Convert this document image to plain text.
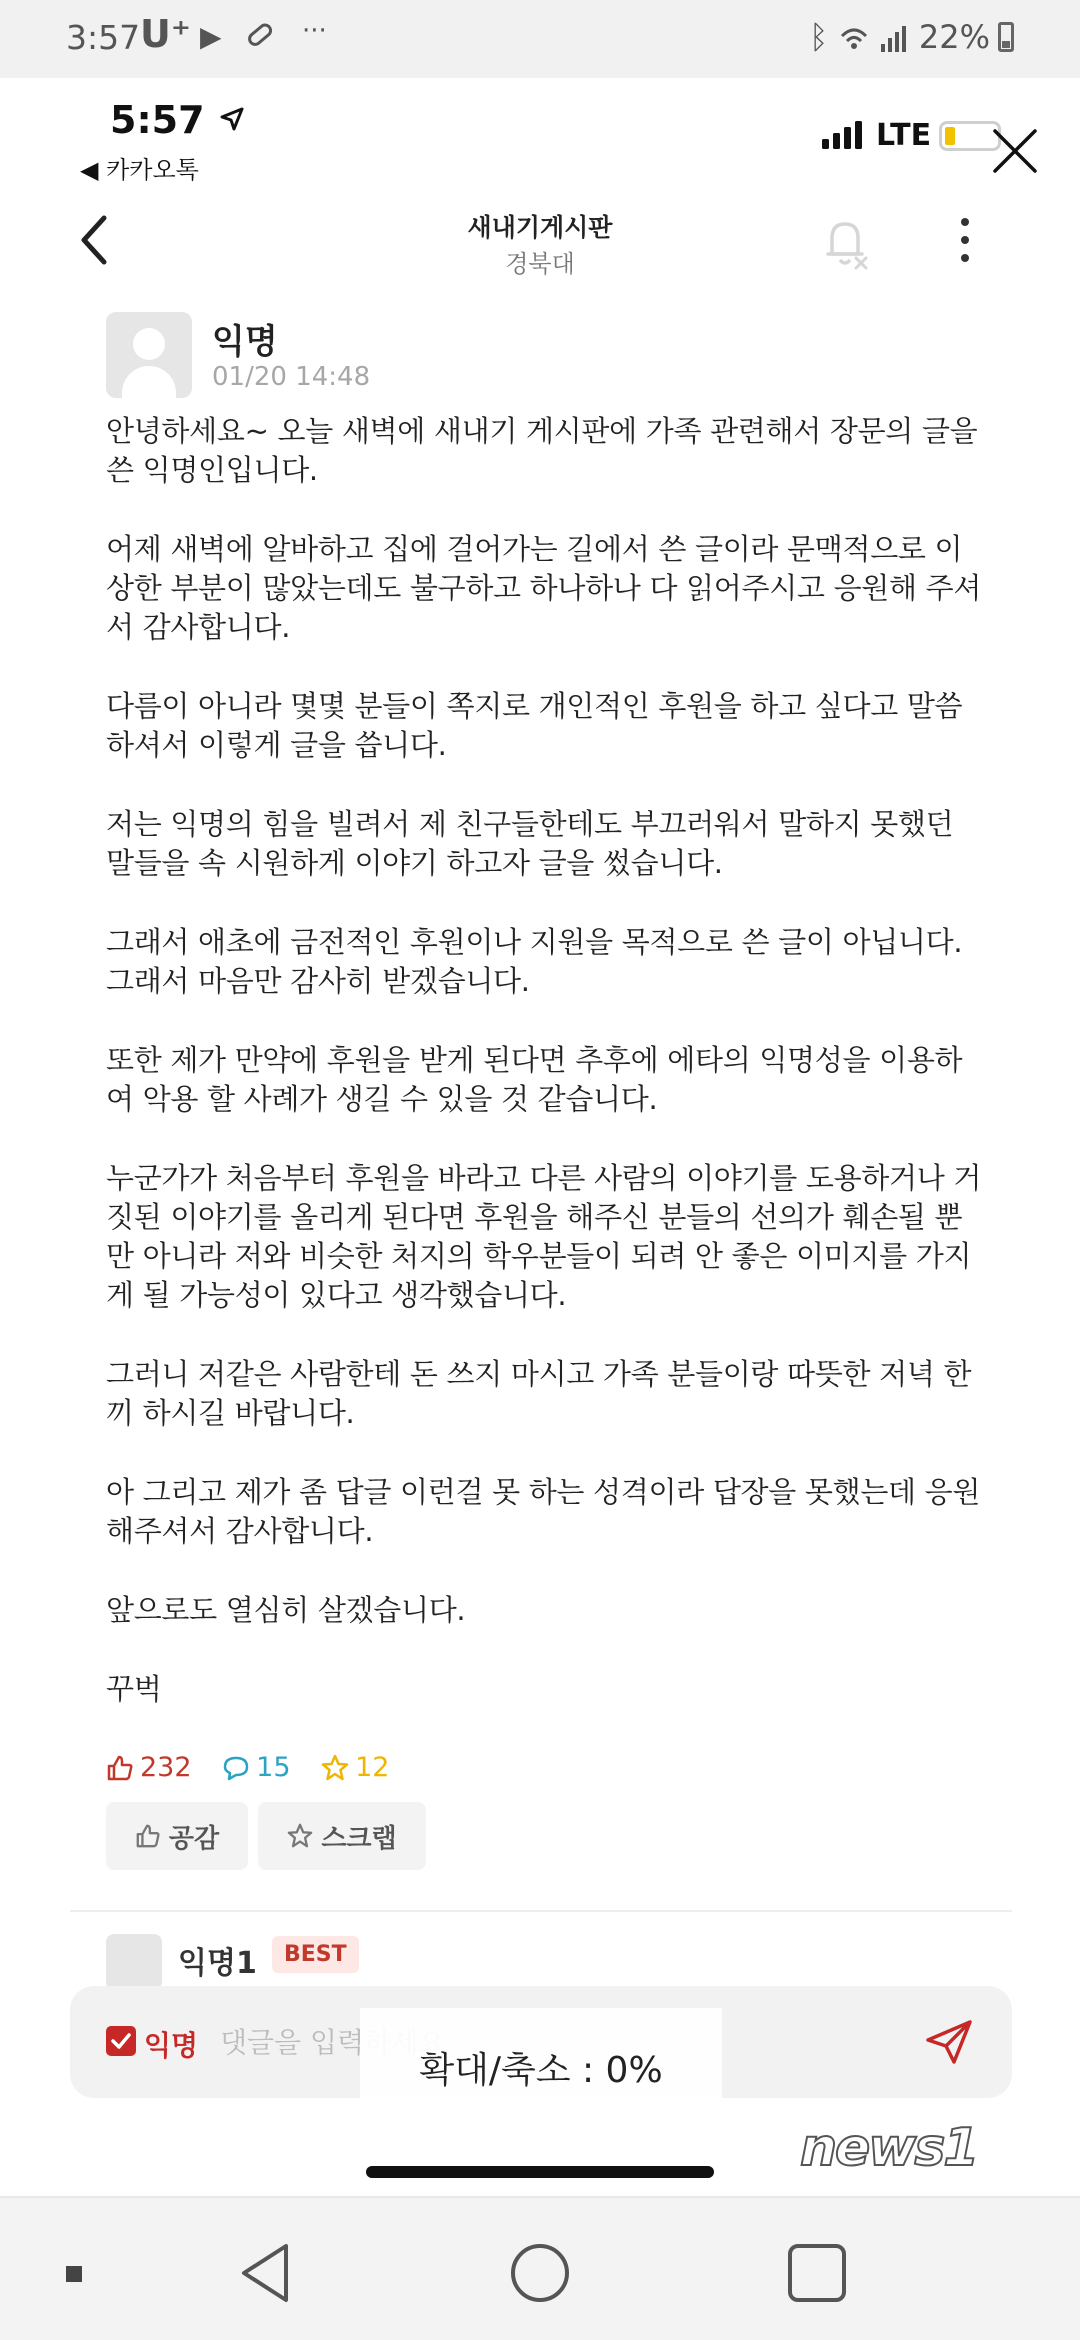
3:57 U⁺ ▶	···	ᛒ	22%
5:57
◀ 카카오톡
LTE
새내기게시판
경북대
익명
01/20 14:48

안녕하세요~ 오늘 새벽에 새내기 게시판에 가족 관련해서 장문의 글을 쓴 익명인입니다.

어제 새벽에 알바하고 집에 걸어가는 길에서 쓴 글이라 문맥적으로 이상한 부분이 많았는데도 불구하고 하나하나 다 읽어주시고 응원해 주셔서 감사합니다.

다름이 아니라 몇몇 분들이 쪽지로 개인적인 후원을 하고 싶다고 말씀하셔서 이렇게 글을 씁니다.

저는 익명의 힘을 빌려서 제 친구들한테도 부끄러워서 말하지 못했던 말들을 속 시원하게 이야기 하고자 글을 썼습니다.

그래서 애초에 금전적인 후원이나 지원을 목적으로 쓴 글이 아닙니다. 그래서 마음만 감사히 받겠습니다.

또한 제가 만약에 후원을 받게 된다면 추후에 에타의 익명성을 이용하여 악용 할 사례가 생길 수 있을 것 같습니다.

누군가가 처음부터 후원을 바라고 다른 사람의 이야기를 도용하거나 거짓된 이야기를 올리게 된다면 후원을 해주신 분들의 선의가 훼손될 뿐만 아니라 저와 비슷한 처지의 학우분들이 되려 안 좋은 이미지를 가지게 될 가능성이 있다고 생각했습니다.

그러니 저같은 사람한테 돈 쓰지 마시고 가족 분들이랑 따뜻한 저녁 한 끼 하시길 바랍니다.

아 그리고 제가 좀 답글 이런걸 못 하는 성격이라 답장을 못했는데 응원해주셔서 감사합니다.

앞으로도 열심히 살겠습니다.

꾸벅

232
15
12
공감	스크랩
익명1	BEST
익명
댓글을 입력하세요
확대/축소 : 0%
news1
